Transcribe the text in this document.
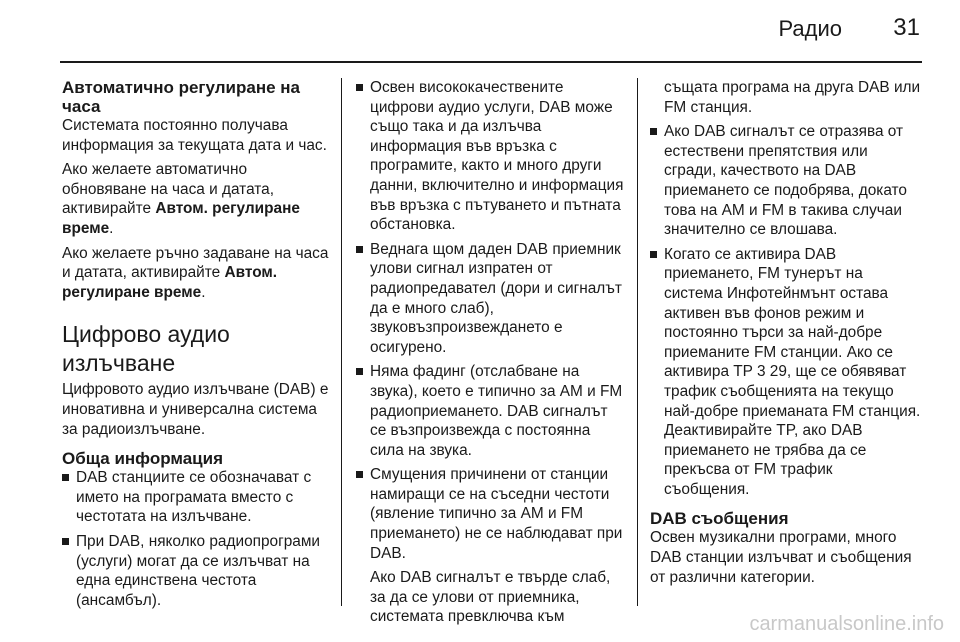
Радио 31
Автоматично регулиране на часа
Системата постоянно получава информация за текущата дата и час.
Ако желаете автоматично обновяване на часа и датата, активирайте Автом. регулиране време.
Ако желаете ръчно задаване на часа и датата, активирайте Автом. регулиране време.
Цифрово аудио излъчване
Цифровото аудио излъчване (DAB) е иновативна и универсална система за радиоизлъчване.
Обща информация
DAB станциите се обозначават с името на програмата вместо с честотата на излъчване.
При DAB, няколко радиопрограми (услуги) могат да се излъчват на една единствена честота (ансамбъл).
Освен висококачествените цифрови аудио услуги, DAB може също така и да излъчва информация във връзка с програмите, както и много други данни, включително и информация във връзка с пътуването и пътната обстановка.
Веднага щом даден DAB приемник улови сигнал изпратен от радиопредавател (дори и сигналът да е много слаб), звуковъзпроизвеждането е осигурено.
Няма фадинг (отслабване на звука), което е типично за AM и FM радиоприемането. DAB сигналът се възпроизвежда с постоянна сила на звука.
Смущения причинени от станции намиращи се на съседни честоти (явление типично за AM и FM приемането) не се наблюдават при DAB.
Ако DAB сигналът е твърде слаб, за да се улови от приемника, системата превключва към
същата програма на друга DAB или FM станция.
Ако DAB сигналът се отразява от естествени препятствия или сгради, качеството на DAB приемането се подобрява, докато това на AM и FM в такива случаи значително се влошава.
Когато се активира DAB приемането, FM тунерът на система Инфотейнмънт остава активен във фонов режим и постоянно търси за най-добре приеманите FM станции. Ако се активира TP 3 29, ще се обявяват трафик съобщенията на текущо най-добре приеманата FM станция. Деактивирайте TP, ако DAB приемането не трябва да се прекъсва от FM трафик съобщения.
DAB съобщения
Освен музикални програми, много DAB станции излъчват и съобщения от различни категории.
carmanualsonline.info
